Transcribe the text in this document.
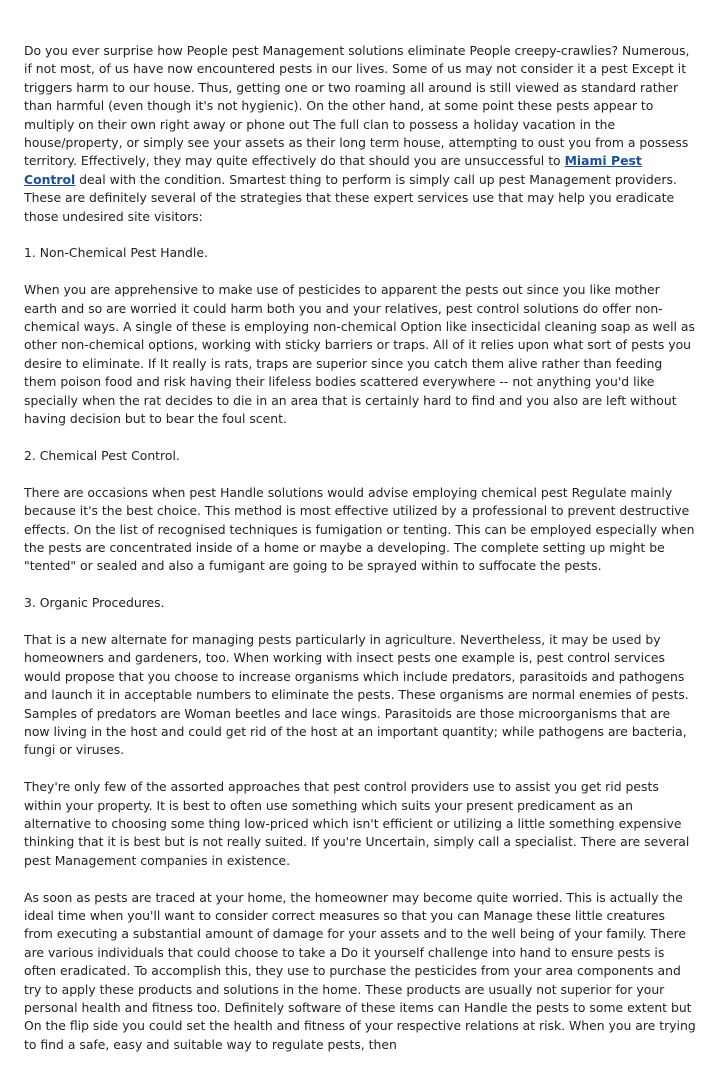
Do you ever surprise how People pest Management solutions eliminate People creepy-crawlies? Numerous, if not most, of us have now encountered pests in our lives. Some of us may not consider it a pest Except it triggers harm to our house. Thus, getting one or two roaming all around is still viewed as standard rather than harmful (even though it's not hygienic). On the other hand, at some point these pests appear to multiply on their own right away or phone out The full clan to possess a holiday vacation in the house/property, or simply see your assets as their long term house, attempting to oust you from a possess territory. Effectively, they may quite effectively do that should you are unsuccessful to Miami Pest Control deal with the condition. Smartest thing to perform is simply call up pest Management providers. These are definitely several of the strategies that these expert services use that may help you eradicate those undesired site visitors:

1. Non-Chemical Pest Handle.

When you are apprehensive to make use of pesticides to apparent the pests out since you like mother earth and so are worried it could harm both you and your relatives, pest control solutions do offer non-chemical ways. A single of these is employing non-chemical Option like insecticidal cleaning soap as well as other non-chemical options, working with sticky barriers or traps. All of it relies upon what sort of pests you desire to eliminate. If It really is rats, traps are superior since you catch them alive rather than feeding them poison food and risk having their lifeless bodies scattered everywhere -- not anything you'd like specially when the rat decides to die in an area that is certainly hard to find and you also are left without having decision but to bear the foul scent.

2. Chemical Pest Control.

There are occasions when pest Handle solutions would advise employing chemical pest Regulate mainly because it's the best choice. This method is most effective utilized by a professional to prevent destructive effects. On the list of recognised techniques is fumigation or tenting. This can be employed especially when the pests are concentrated inside of a home or maybe a developing. The complete setting up might be "tented" or sealed and also a fumigant are going to be sprayed within to suffocate the pests.

3. Organic Procedures.

That is a new alternate for managing pests particularly in agriculture. Nevertheless, it may be used by homeowners and gardeners, too. When working with insect pests one example is, pest control services would propose that you choose to increase organisms which include predators, parasitoids and pathogens and launch it in acceptable numbers to eliminate the pests. These organisms are normal enemies of pests. Samples of predators are Woman beetles and lace wings. Parasitoids are those microorganisms that are now living in the host and could get rid of the host at an important quantity; while pathogens are bacteria, fungi or viruses.

They're only few of the assorted approaches that pest control providers use to assist you get rid pests within your property. It is best to often use something which suits your present predicament as an alternative to choosing some thing low-priced which isn't efficient or utilizing a little something expensive thinking that it is best but is not really suited. If you're Uncertain, simply call a specialist. There are several pest Management companies in existence.

As soon as pests are traced at your home, the homeowner may become quite worried. This is actually the ideal time when you'll want to consider correct measures so that you can Manage these little creatures from executing a substantial amount of damage for your assets and to the well being of your family. There are various individuals that could choose to take a Do it yourself challenge into hand to ensure pests is often eradicated. To accomplish this, they use to purchase the pesticides from your area components and try to apply these products and solutions in the home. These products are usually not superior for your personal health and fitness too. Definitely software of these items can Handle the pests to some extent but On the flip side you could set the health and fitness of your respective relations at risk. When you are trying to find a safe, easy and suitable way to regulate pests, then
